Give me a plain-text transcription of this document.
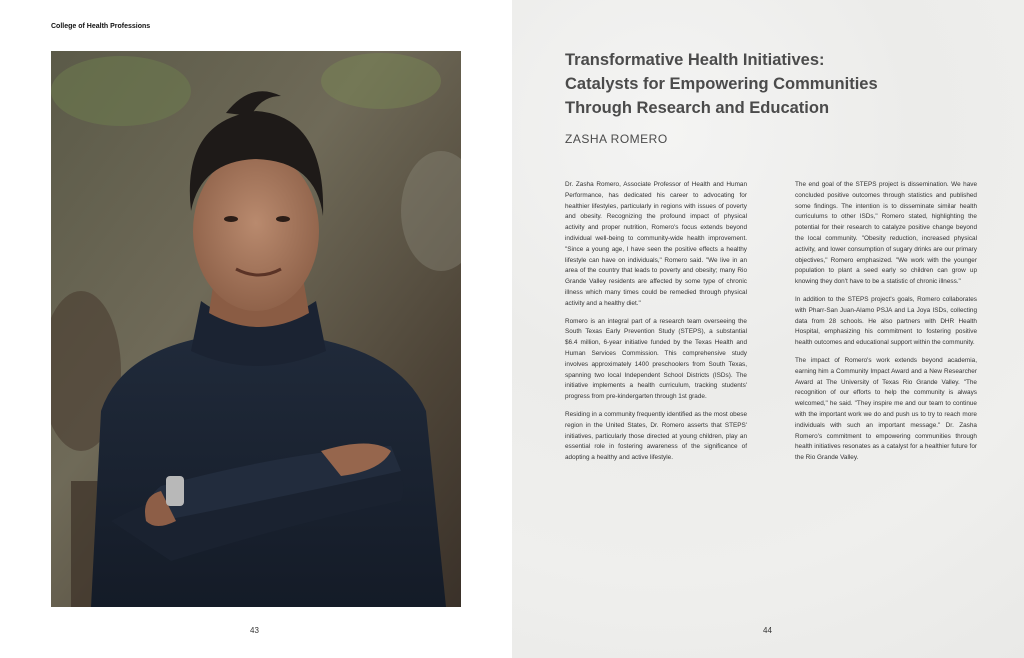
College of Health Professions
43
Transformative Health Initiatives:
Catalysts for Empowering Communities
Through Research and Education
ZASHA ROMERO

Dr. Zasha Romero, Associate Professor of Health and Human Performance, has dedicated his career to advocating for healthier lifestyles, particularly in regions with issues of poverty and obesity. Recognizing the profound impact of physical activity and proper nutrition, Romero's focus extends beyond individual well-being to community-wide health improvement. "Since a young age, I have seen the positive effects a healthy lifestyle can have on individuals," Romero said. "We live in an area of the country that leads to poverty and obesity; many Rio Grande Valley residents are affected by some type of chronic illness which many times could be remedied through physical activity and a healthy diet."

Romero is an integral part of a research team overseeing the South Texas Early Prevention Study (STEPS), a substantial $6.4 million, 6-year initiative funded by the Texas Health and Human Services Commission. This comprehensive study involves approximately 1400 preschoolers from South Texas, spanning two local Independent School Districts (ISDs). The initiative implements a health curriculum, tracking students' progress from pre-kindergarten through 1st grade.

Residing in a community frequently identified as the most obese region in the United States, Dr. Romero asserts that STEPS' initiatives, particularly those directed at young children, play an essential role in fostering awareness of the significance of adopting a healthy and active lifestyle.

The end goal of the STEPS project is dissemination. We have concluded positive outcomes through statistics and published some findings. The intention is to disseminate similar health curriculums to other ISDs," Romero stated, highlighting the potential for their research to catalyze positive change beyond the local community. "Obesity reduction, increased physical activity, and lower consumption of sugary drinks are our primary objectives," Romero emphasized. "We work with the younger population to plant a seed early so children can grow up knowing they don't have to be a statistic of chronic illness."

In addition to the STEPS project's goals, Romero collaborates with Pharr-San Juan-Alamo PSJA and La Joya ISDs, collecting data from 28 schools. He also partners with DHR Health Hospital, emphasizing his commitment to fostering positive health outcomes and educational support within the community.

The impact of Romero's work extends beyond academia, earning him a Community Impact Award and a New Researcher Award at The University of Texas Rio Grande Valley. "The recognition of our efforts to help the community is always welcomed," he said. "They inspire me and our team to continue with the important work we do and push us to try to reach more individuals with such an important message." Dr. Zasha Romero's commitment to empowering communities through health initiatives resonates as a catalyst for a healthier future for the Rio Grande Valley.

44
